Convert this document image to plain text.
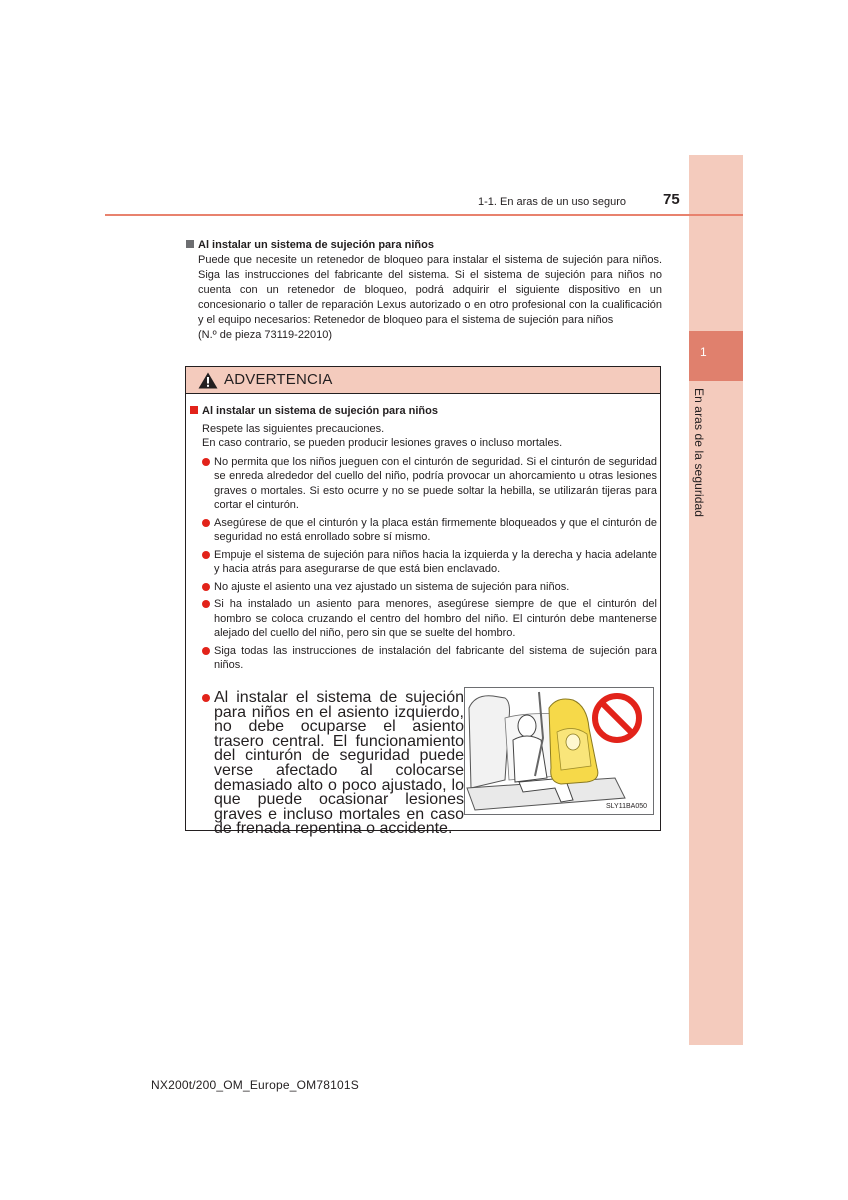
1
En aras de la seguridad
1-1. En aras de un uso seguro 75
Al instalar un sistema de sujeción para niños
Puede que necesite un retenedor de bloqueo para instalar el sistema de sujeción para niños. Siga las instrucciones del fabricante del sistema. Si el sistema de sujeción para niños no cuenta con un retenedor de bloqueo, podrá adquirir el siguiente dispositivo en un concesionario o taller de reparación Lexus autorizado o en otro profesional con la cualificación y el equipo necesarios: Retenedor de bloqueo para el sistema de sujeción para niños
(N.º de pieza 73119-22010)
ADVERTENCIA
Al instalar un sistema de sujeción para niños
Respete las siguientes precauciones.
En caso contrario, se pueden producir lesiones graves o incluso mortales.
No permita que los niños jueguen con el cinturón de seguridad. Si el cinturón de seguridad se enreda alrededor del cuello del niño, podría provocar un ahorcamiento u otras lesiones graves o mortales. Si esto ocurre y no se puede soltar la hebilla, se utilizarán tijeras para cortar el cinturón.
Asegúrese de que el cinturón y la placa están firmemente bloqueados y que el cinturón de seguridad no está enrollado sobre sí mismo.
Empuje el sistema de sujeción para niños hacia la izquierda y la derecha y hacia adelante y hacia atrás para asegurarse de que está bien enclavado.
No ajuste el asiento una vez ajustado un sistema de sujeción para niños.
Si ha instalado un asiento para menores, asegúrese siempre de que el cinturón del hombro se coloca cruzando el centro del hombro del niño. El cinturón debe mantenerse alejado del cuello del niño, pero sin que se suelte del hombro.
Siga todas las instrucciones de instalación del fabricante del sistema de sujeción para niños.
Al instalar el sistema de sujeción para niños en el asiento izquierdo, no debe ocuparse el asiento trasero central. El funcionamiento del cinturón de seguridad puede verse afectado al colocarse demasiado alto o poco ajustado, lo que puede ocasionar lesiones graves e incluso mortales en caso de frenada repentina o accidente.
SLY11BA050
NX200t/200_OM_Europe_OM78101S
